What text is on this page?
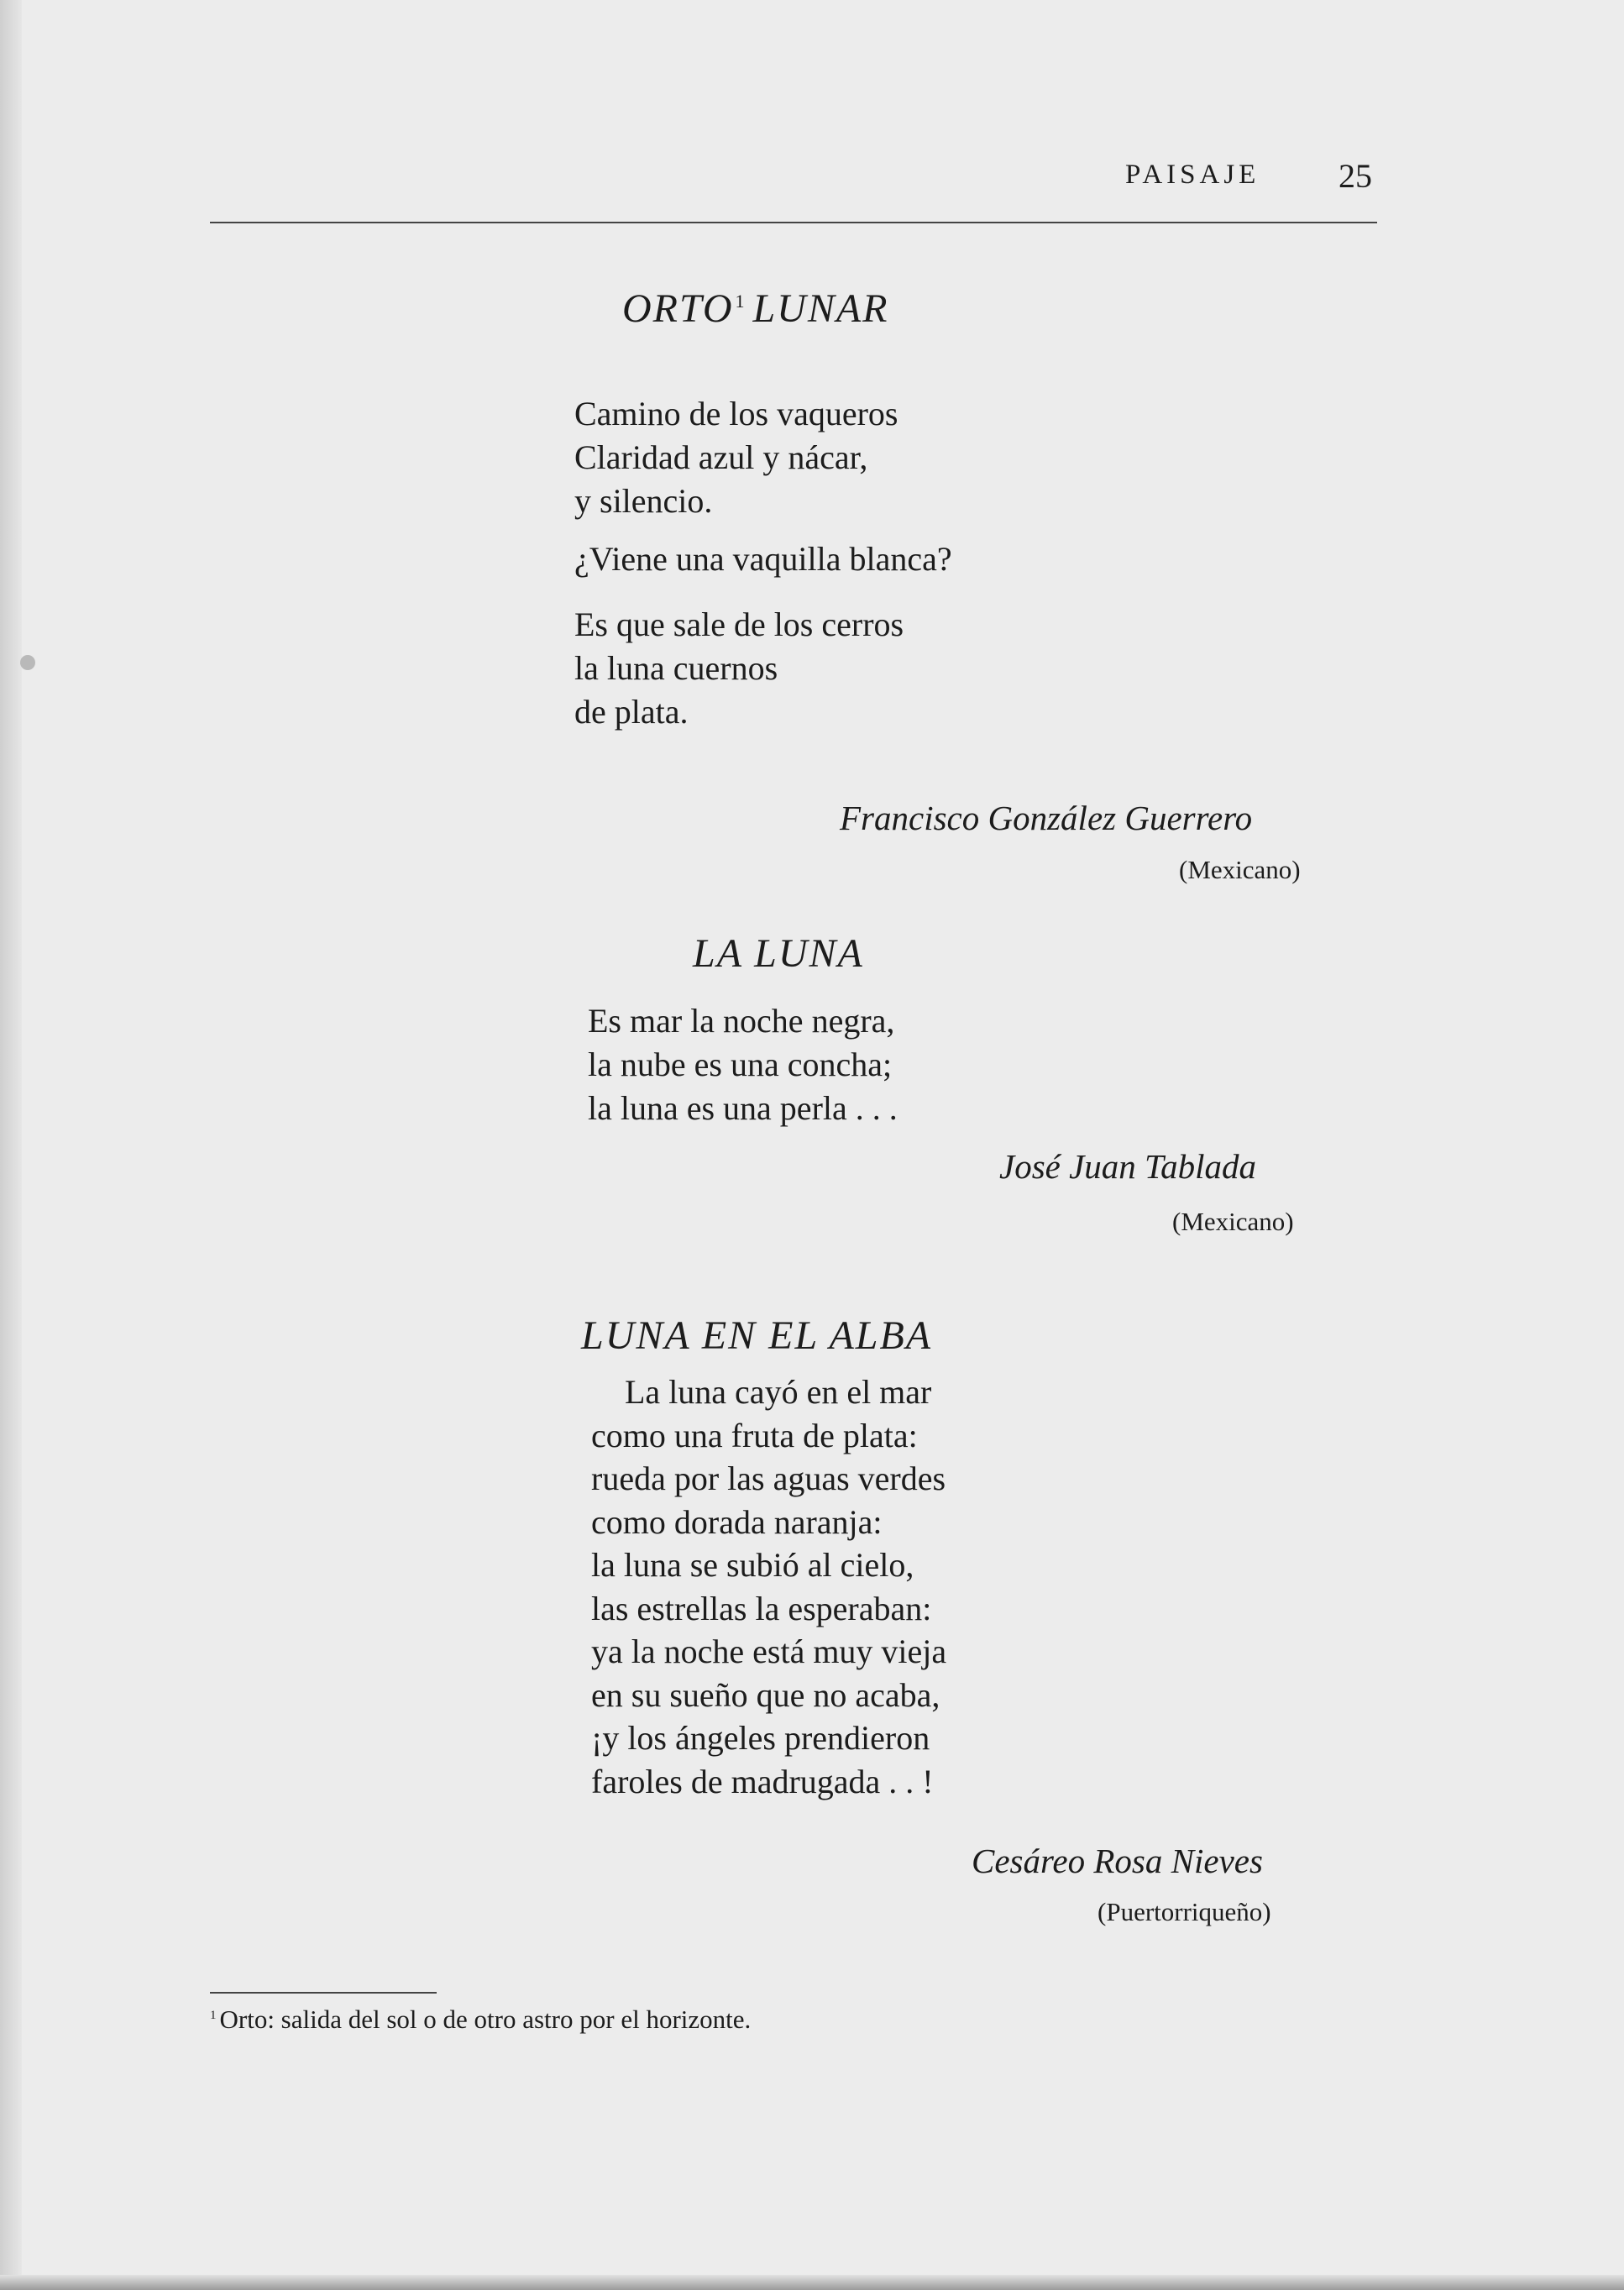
PAISAJE 25
ORTO$^1$ LUNAR
Camino de los vaqueros
Claridad azul y nácar,
y silencio.
¿Viene una vaquilla blanca?
Es que sale de los cerros
la luna cuernos
de plata.
Francisco González Guerrero
(Mexicano)
LA LUNA
Es mar la noche negra,
la nube es una concha;
la luna es una perla . . .
José Juan Tablada
(Mexicano)
LUNA EN EL ALBA
La luna cayó en el mar
como una fruta de plata:
rueda por las aguas verdes
como dorada naranja:
la luna se subió al cielo,
las estrellas la esperaban:
ya la noche está muy vieja
en su sueño que no acaba,
¡y los ángeles prendieron
faroles de madrugada . . !
Cesáreo Rosa Nieves
(Puertorriqueño)
$^1$ Orto: salida del sol o de otro astro por el horizonte.
